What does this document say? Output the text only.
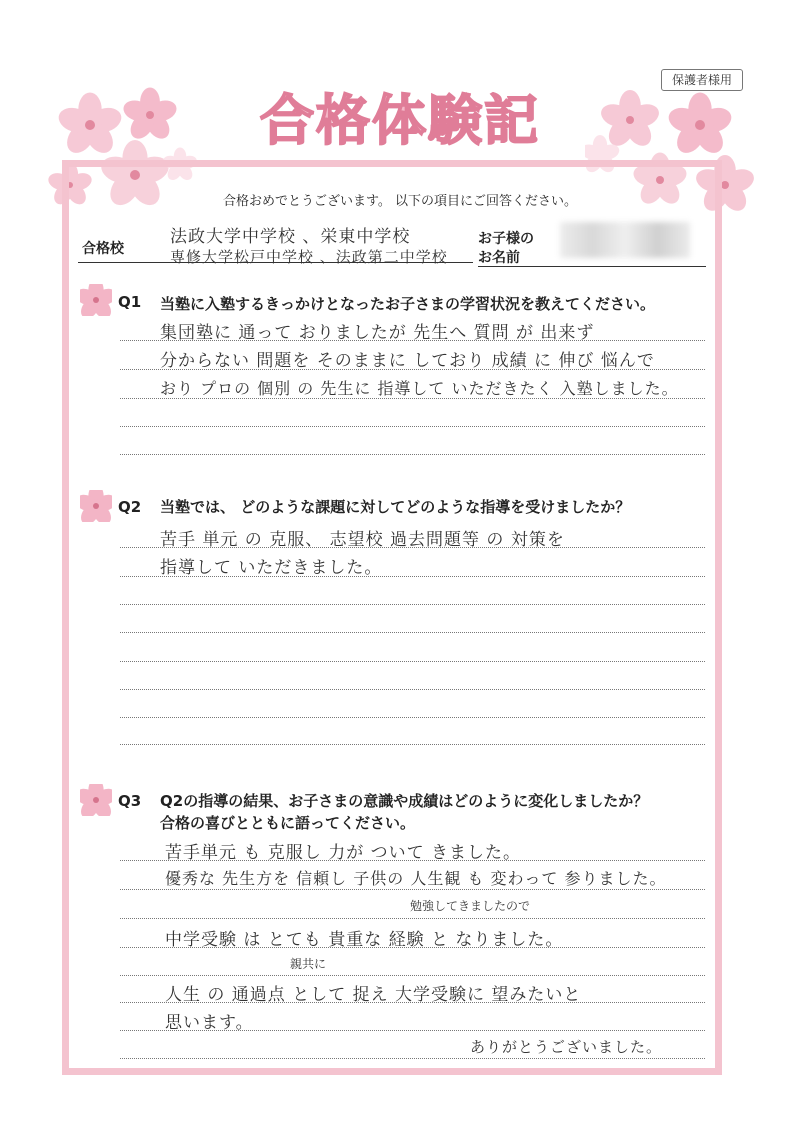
保護者様用
合格体験記
合格おめでとうございます。 以下の項目にご回答ください。
合格校
法政大学中学校 、栄東中学校
専修大学松戸中学校 、法政第二中学校
お子様の
お名前
Q1 当塾に入塾するきっかけとなったお子さまの学習状況を教えてください。
集団塾に 通って おりましたが 先生へ 質問 が 出来ず
分からない 問題を そのままに しており 成績 に 伸び 悩んで
おり プロの 個別 の 先生に 指導して いただきたく 入塾しました。
Q2 当塾では、 どのような課題に対してどのような指導を受けましたか？
苦手 単元 の 克服、 志望校 過去問題等 の 対策を
指導して いただきました。
Q3 Q2の指導の結果、お子さまの意識や成績はどのように変化しましたか？
合格の喜びとともに語ってください。
苦手単元 も 克服し 力が ついて きました。
優秀な 先生方を 信頼し 子供の 人生観 も 変わって 参りました。
勉強してきましたので
中学受験 は とても 貴重な 経験 と なりました。
親共に
人生 の 通過点 として 捉え 大学受験に 望みたいと
思います。
ありがとうございました。
